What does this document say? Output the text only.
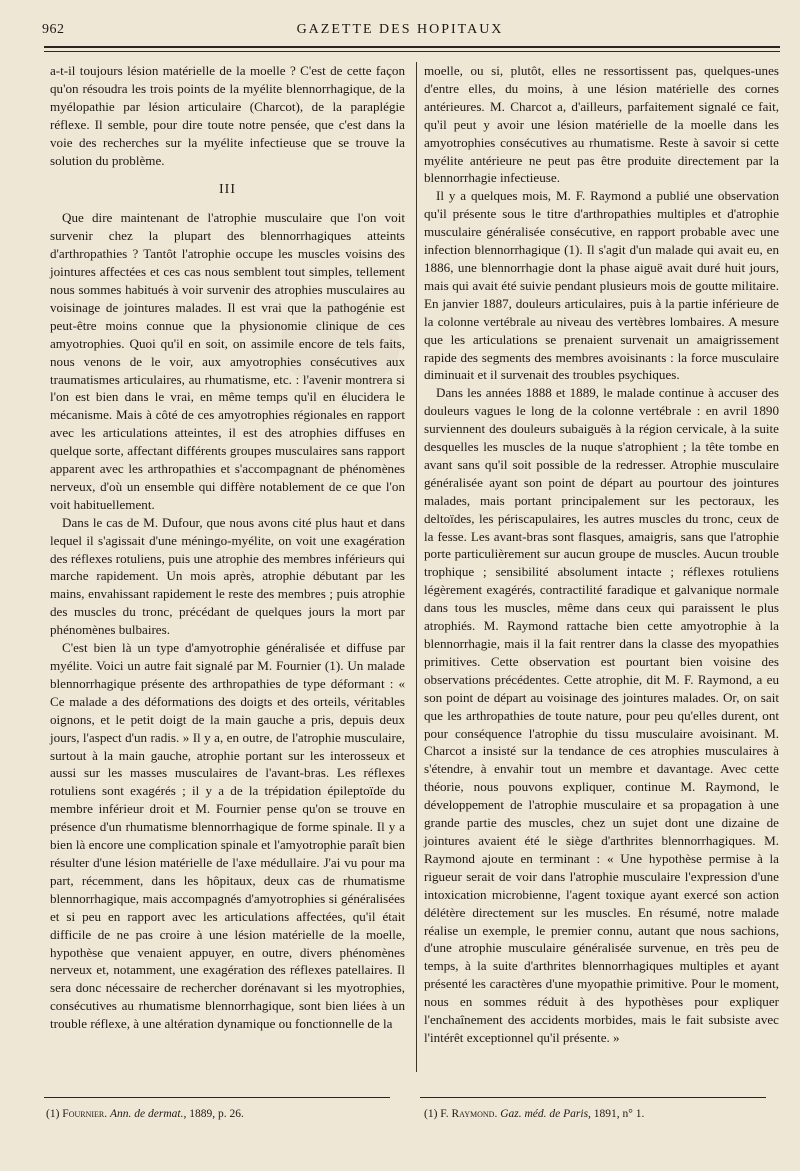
962	GAZETTE DES HOPITAUX

a-t-il toujours lésion matérielle de la moelle ? C'est de cette façon qu'on résoudra les trois points de la myélite blennorrhagique, de la myélopathie par lésion articulaire (Charcot), de la paraplégie réflexe. Il semble, pour dire toute notre pensée, que c'est dans la voie des recherches sur la myélite infectieuse que se trouve la solution du problème.

III

Que dire maintenant de l'atrophie musculaire que l'on voit survenir chez la plupart des blennorrhagiques atteints d'arthropathies ? Tantôt l'atrophie occupe les muscles voisins des jointures affectées et ces cas nous semblent tout simples, tellement nous sommes habitués à voir survenir des atrophies musculaires au voisinage de jointures malades. Il est vrai que la pathogénie est peut-être moins connue que la physionomie clinique de ces amyotrophies. Quoi qu'il en soit, on assimile encore de tels faits, nous venons de le voir, aux amyotrophies consécutives aux traumatismes articulaires, au rhumatisme, etc. : l'avenir montrera si l'on est bien dans le vrai, en même temps qu'il en élucidera le mécanisme. Mais à côté de ces amyotrophies régionales en rapport avec les articulations atteintes, il est des atrophies diffuses en quelque sorte, affectant différents groupes musculaires sans rapport apparent avec les arthropathies et s'accompagnant de phénomènes nerveux, d'où un ensemble qui diffère notablement de ce que l'on voit habituellement.

Dans le cas de M. Dufour, que nous avons cité plus haut et dans lequel il s'agissait d'une méningo-myélite, on voit une exagération des réflexes rotuliens, puis une atrophie des membres inférieurs qui marche rapidement. Un mois après, atrophie débutant par les mains, envahissant rapidement le reste des membres ; puis atrophie des muscles du tronc, précédant de quelques jours la mort par phénomènes bulbaires.

C'est bien là un type d'amyotrophie généralisée et diffuse par myélite. Voici un autre fait signalé par M. Fournier (1). Un malade blennorrhagique présente des arthropathies de type déformant : « Ce malade a des déformations des doigts et des orteils, véritables oignons, et le petit doigt de la main gauche a pris, depuis deux jours, l'aspect d'un radis. » Il y a, en outre, de l'atrophie musculaire, surtout à la main gauche, atrophie portant sur les interosseux et aussi sur les masses musculaires de l'avant-bras. Les réflexes rotuliens sont exagérés ; il y a de la trépidation épileptoïde du membre inférieur droit et M. Fournier pense qu'on se trouve en présence d'un rhumatisme blennorrhagique de forme spinale. Il y a bien là encore une complication spinale et l'amyotrophie paraît bien résulter d'une lésion matérielle de l'axe médullaire. J'ai vu pour ma part, récemment, dans les hôpitaux, deux cas de rhumatisme blennorrhagique, mais accompagnés d'amyotrophies si généralisées et si peu en rapport avec les articulations affectées, qu'il était difficile de ne pas croire à une lésion matérielle de la moelle, hypothèse que venaient appuyer, en outre, divers phénomènes nerveux et, notamment, une exagération des réflexes patellaires. Il sera donc nécessaire de rechercher dorénavant si les myotrophies, consécutives au rhumatisme blennorrhagique, sont bien liées à un trouble réflexe, à une altération dynamique ou fonctionnelle de la

moelle, ou si, plutôt, elles ne ressortissent pas, quelques-unes d'entre elles, du moins, à une lésion matérielle des cornes antérieures. M. Charcot a, d'ailleurs, parfaitement signalé ce fait, qu'il peut y avoir une lésion matérielle de la moelle dans les amyotrophies consécutives au rhumatisme. Reste à savoir si cette myélite antérieure ne peut pas être produite directement par la blennorrhagie infectieuse.

Il y a quelques mois, M. F. Raymond a publié une observation qu'il présente sous le titre d'arthropathies multiples et d'atrophie musculaire généralisée consécutive, en rapport probable avec une infection blennorrhagique (1). Il s'agit d'un malade qui avait eu, en 1886, une blennorrhagie dont la phase aiguë avait duré huit jours, mais qui avait été suivie pendant plusieurs mois de goutte militaire. En janvier 1887, douleurs articulaires, puis à la partie inférieure de la colonne vertébrale au niveau des vertèbres lombaires. A mesure que les articulations se prenaient survenait un amaigrissement rapide des segments des membres avoisinants : la force musculaire diminuait et il survenait des troubles psychiques.

Dans les années 1888 et 1889, le malade continue à accuser des douleurs vagues le long de la colonne vertébrale : en avril 1890 surviennent des douleurs subaiguës à la région cervicale, à la suite desquelles les muscles de la nuque s'atrophient ; la tête tombe en avant sans qu'il soit possible de la redresser. Atrophie musculaire généralisée ayant son point de départ au pourtour des jointures malades, mais portant principalement sur les pectoraux, les deltoïdes, les périscapulaires, les autres muscles du tronc, ceux de la fesse. Les avant-bras sont flasques, amaigris, sans que l'atrophie porte particulièrement sur aucun groupe de muscles. Aucun trouble trophique ; sensibilité absolument intacte ; réflexes rotuliens légèrement exagérés, contractilité faradique et galvanique normale dans tous les muscles, même dans ceux qui paraissent le plus atrophiés. M. Raymond rattache bien cette amyotrophie à la blennorrhagie, mais il la fait rentrer dans la classe des myopathies primitives. Cette observation est pourtant bien voisine des observations précédentes. Cette atrophie, dit M. F. Raymond, a eu son point de départ au voisinage des jointures malades. Or, on sait que les arthropathies de toute nature, pour peu qu'elles durent, ont pour conséquence l'atrophie du tissu musculaire avoisinant. M. Charcot a insisté sur la tendance de ces atrophies musculaires à s'étendre, à envahir tout un membre et davantage. Avec cette théorie, nous pouvons expliquer, continue M. Raymond, le développement de l'atrophie musculaire et sa propagation à une grande partie des muscles, chez un sujet dont une dizaine de jointures avaient été le siège d'arthrites blennorrhagiques. M. Raymond ajoute en terminant : « Une hypothèse permise à la rigueur serait de voir dans l'atrophie musculaire l'expression d'une intoxication microbienne, l'agent toxique ayant exercé son action délétère directement sur les muscles. En résumé, notre malade réalise un exemple, le premier connu, autant que nous sachions, d'une atrophie musculaire généralisée survenue, en très peu de temps, à la suite d'arthrites blennorrhagiques multiples et ayant présenté les caractères d'une myopathie primitive. Pour le moment, nous en sommes réduit à des hypothèses pour expliquer l'enchaînement des accidents morbides, mais le fait subsiste avec l'intérêt exceptionnel qu'il présente. »

(1) Fournier. Ann. de dermat., 1889, p. 26.	(1) F. Raymond. Gaz. méd. de Paris, 1891, n° 1.
